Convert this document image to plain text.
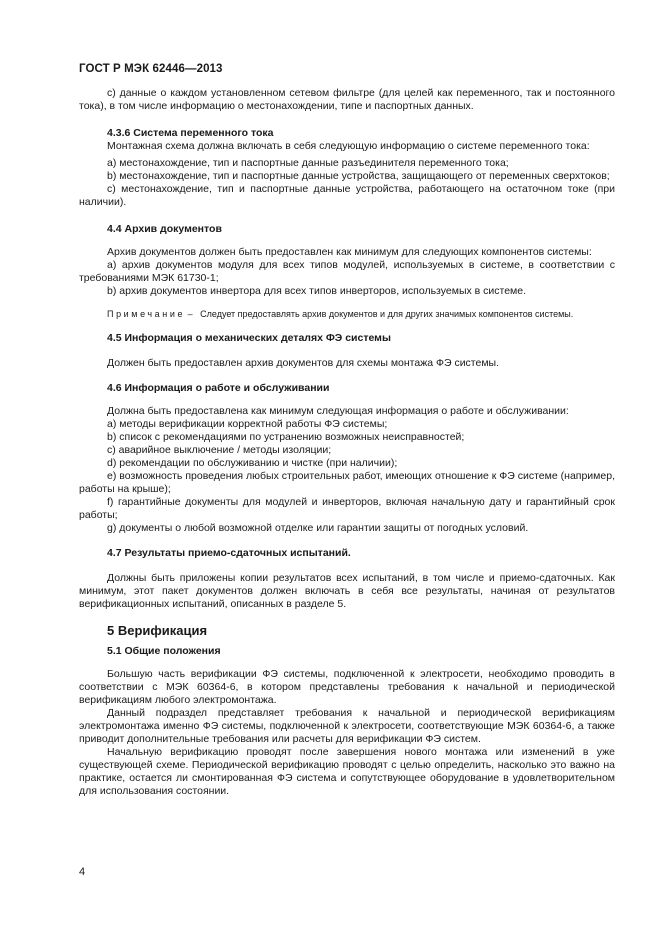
ГОСТ Р МЭК 62446—2013

с) данные о каждом установленном сетевом фильтре (для целей как переменного, так и постоянного тока), в том числе информацию о местонахождении, типе и паспортных данных.

4.3.6 Система переменного тока

Монтажная схема должна включать в себя следующую информацию о системе переменного тока:

а) местонахождение, тип и паспортные данные разъединителя переменного тока;

b) местонахождение, тип и паспортные данные устройства, защищающего от переменных сверхтоков;

с) местонахождение, тип и паспортные данные устройства, работающего на остаточном токе (при наличии).

4.4 Архив документов

Архив документов должен быть предоставлен как минимум для следующих компонентов системы:

а) архив документов модуля для всех типов модулей, используемых в системе, в соответствии с требованиями МЭК 61730-1;

b) архив документов инвертора для всех типов инверторов, используемых в системе.

Примечание – Следует предоставлять архив документов и для других значимых компонентов системы.

4.5 Информация о механических деталях ФЭ системы

Должен быть предоставлен архив документов для схемы монтажа ФЭ системы.

4.6 Информация о работе и обслуживании

Должна быть предоставлена как минимум следующая информация о работе и обслуживании:

а) методы верификации корректной работы ФЭ системы;

b) список с рекомендациями по устранению возможных неисправностей;

с) аварийное выключение / методы изоляции;

d) рекомендации по обслуживанию и чистке (при наличии);

е) возможность проведения любых строительных работ, имеющих отношение к ФЭ системе (например, работы на крыше);

f) гарантийные документы для модулей и инверторов, включая начальную дату и гарантийный срок работы;

g) документы о любой возможной отделке или гарантии защиты от погодных условий.

4.7 Результаты приемо-сдаточных испытаний.

Должны быть приложены копии результатов всех испытаний, в том числе и приемо-сдаточных. Как минимум, этот пакет документов должен включать в себя все результаты, начиная от результатов верификационных испытаний, описанных в разделе 5.

5 Верификация
5.1 Общие положения

Большую часть верификации ФЭ системы, подключенной к электросети, необходимо проводить в соответствии с МЭК 60364-6, в котором представлены требования к начальной и периодической верификациям любого электромонтажа.

Данный подраздел представляет требования к начальной и периодической верификациям электромонтажа именно ФЭ системы, подключенной к электросети, соответствующие МЭК 60364-6, а также приводит дополнительные требования или расчеты для верификации ФЭ систем.

Начальную верификацию проводят после завершения нового монтажа или изменений в уже существующей схеме. Периодической верификацию проводят с целью определить, насколько это важно на практике, остается ли смонтированная ФЭ система и сопутствующее оборудование в удовлетворительном для использования состоянии.

4
